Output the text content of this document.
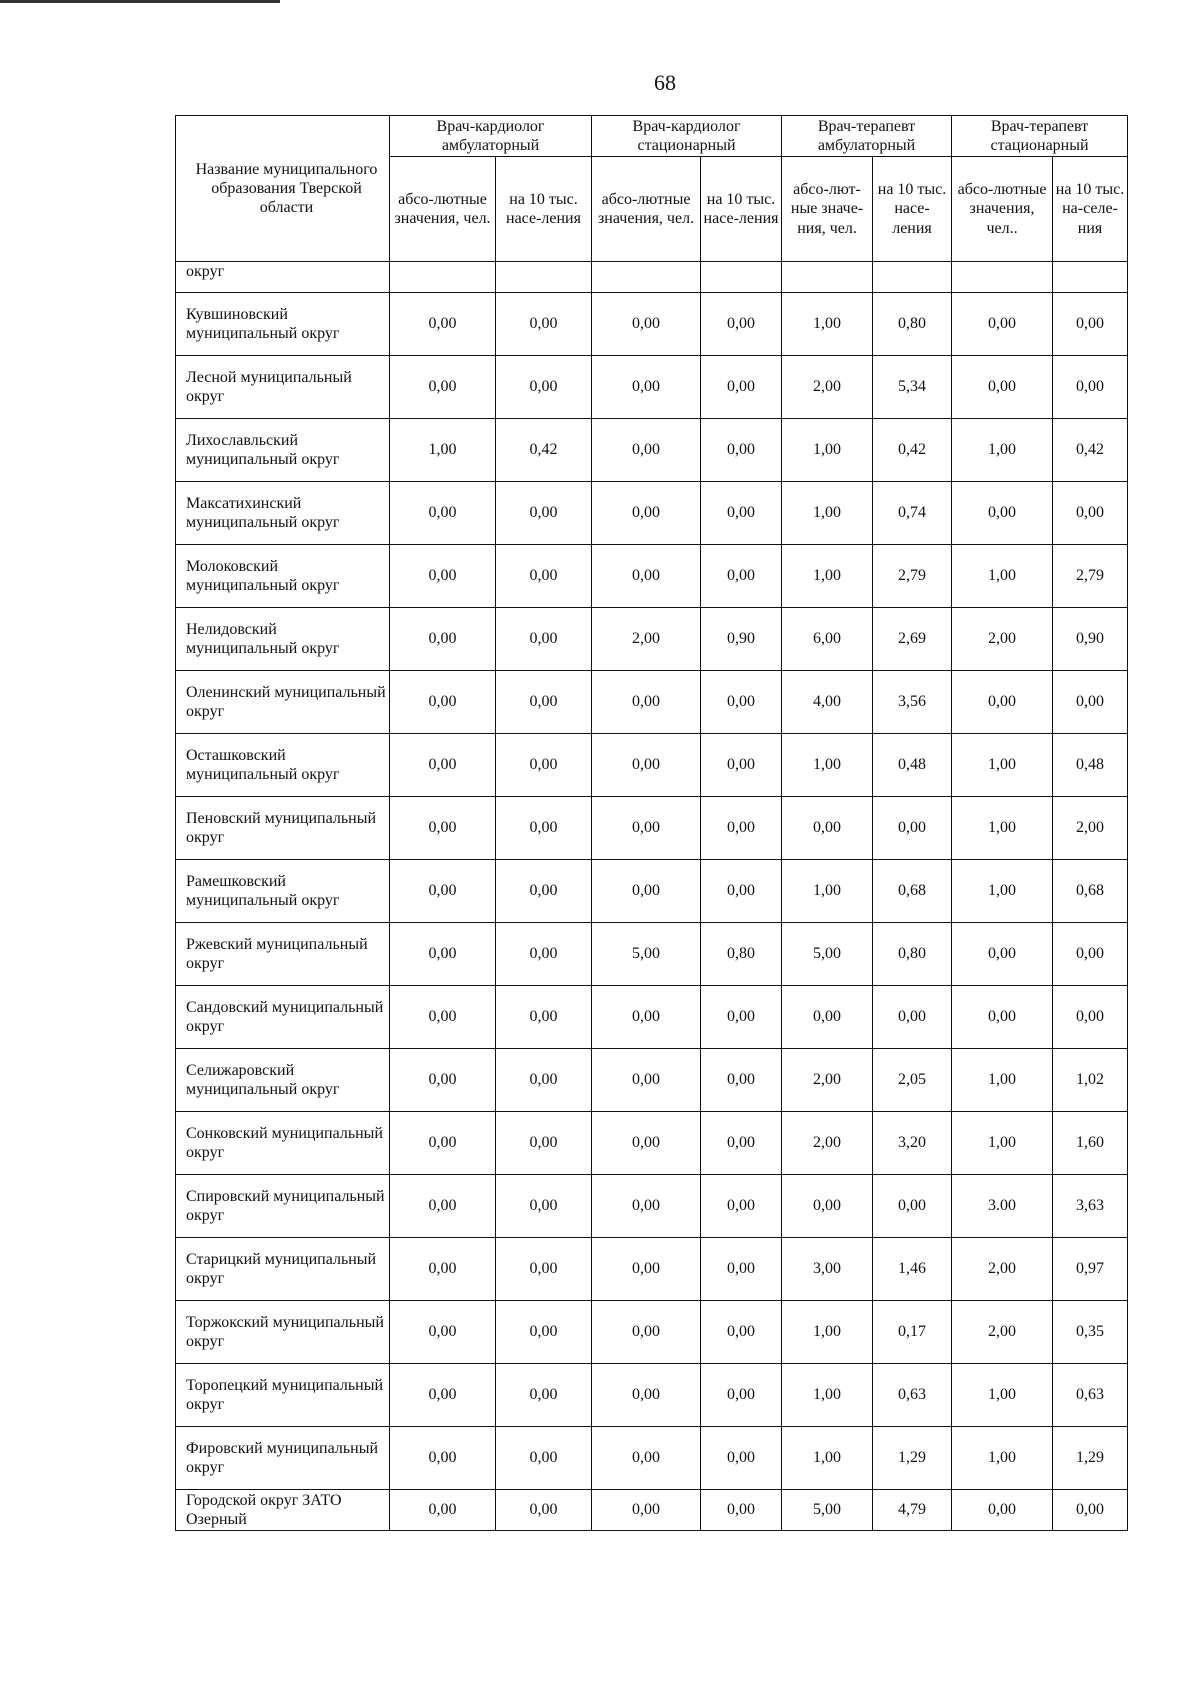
68
Название муниципального образования Тверской области	Врач-кардиолог амбулаторный		Врач-кардиолог стационарный		Врач-терапевт амбулаторный		Врач-терапевт стационарный	
	абсо-лютные значения, чел.	на 10 тыс. насе-ления	абсо-лютные значения, чел.	на 10 тыс. насе-ления	абсо-лют-ные значе-ния, чел.	на 10 тыс. насе-ления	абсо-лютные значения, чел..	на 10 тыс. на-селе-ния
округ								
Кувшиновский муниципальный округ	0,00	0,00	0,00	0,00	1,00	0,80	0,00	0,00
Лесной муниципальный округ	0,00	0,00	0,00	0,00	2,00	5,34	0,00	0,00
Лихославльский муниципальный округ	1,00	0,42	0,00	0,00	1,00	0,42	1,00	0,42
Максатихинский муниципальный округ	0,00	0,00	0,00	0,00	1,00	0,74	0,00	0,00
Молоковский муниципальный округ	0,00	0,00	0,00	0,00	1,00	2,79	1,00	2,79
Нелидовский муниципальный округ	0,00	0,00	2,00	0,90	6,00	2,69	2,00	0,90
Оленинский муниципальный округ	0,00	0,00	0,00	0,00	4,00	3,56	0,00	0,00
Осташковский муниципальный округ	0,00	0,00	0,00	0,00	1,00	0,48	1,00	0,48
Пеновский муниципальный округ	0,00	0,00	0,00	0,00	0,00	0,00	1,00	2,00
Рамешковский муниципальный округ	0,00	0,00	0,00	0,00	1,00	0,68	1,00	0,68
Ржевский муниципальный округ	0,00	0,00	5,00	0,80	5,00	0,80	0,00	0,00
Сандовский муниципальный округ	0,00	0,00	0,00	0,00	0,00	0,00	0,00	0,00
Селижаровский муниципальный округ	0,00	0,00	0,00	0,00	2,00	2,05	1,00	1,02
Сонковский муниципальный округ	0,00	0,00	0,00	0,00	2,00	3,20	1,00	1,60
Спировский муниципальный округ	0,00	0,00	0,00	0,00	0,00	0,00	3.00	3,63
Старицкий муниципальный округ	0,00	0,00	0,00	0,00	3,00	1,46	2,00	0,97
Торжокский муниципальный округ	0,00	0,00	0,00	0,00	1,00	0,17	2,00	0,35
Торопецкий муниципальный округ	0,00	0,00	0,00	0,00	1,00	0,63	1,00	0,63
Фировский муниципальный округ	0,00	0,00	0,00	0,00	1,00	1,29	1,00	1,29
Городской округ ЗАТО Озерный	0,00	0,00	0,00	0,00	5,00	4,79	0,00	0,00
